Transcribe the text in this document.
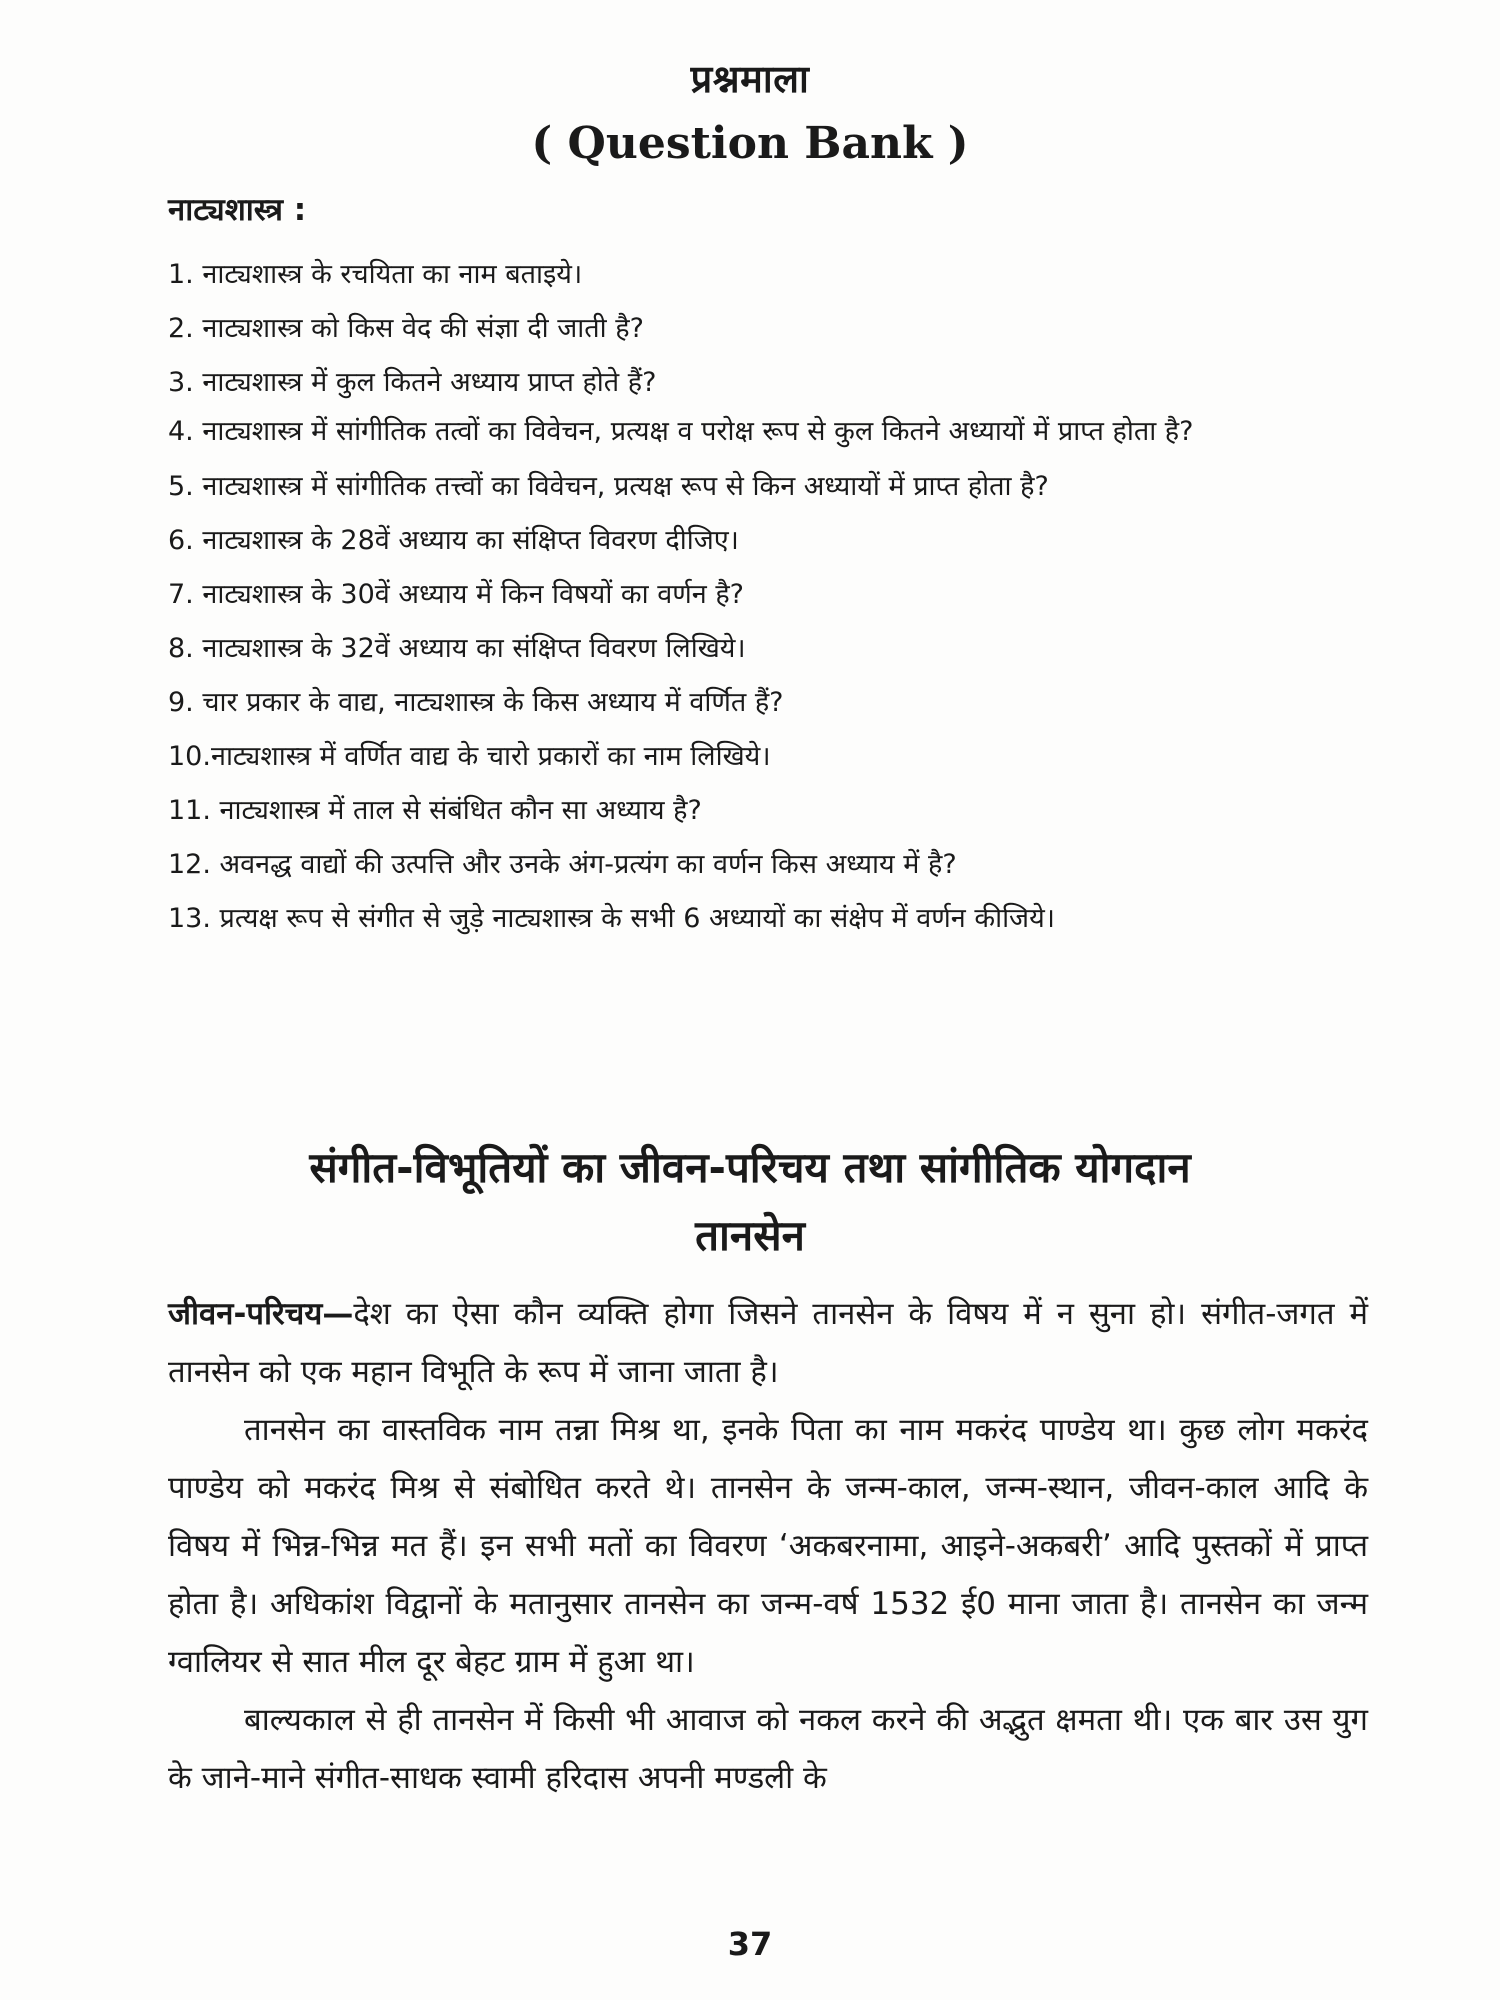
प्रश्नमाला
( Question Bank )
नाट्यशास्त्र :
1. नाट्यशास्त्र के रचयिता का नाम बताइये।
2. नाट्यशास्त्र को किस वेद की संज्ञा दी जाती है?
3. नाट्यशास्त्र में कुल कितने अध्याय प्राप्त होते हैं?
4. नाट्यशास्त्र में सांगीतिक तत्वों का विवेचन, प्रत्यक्ष व परोक्ष रूप से कुल कितने अध्यायों में प्राप्त होता है?
5. नाट्यशास्त्र में सांगीतिक तत्त्वों का विवेचन, प्रत्यक्ष रूप से किन अध्यायों में प्राप्त होता है?
6. नाट्यशास्त्र के 28वें अध्याय का संक्षिप्त विवरण दीजिए।
7. नाट्यशास्त्र के 30वें अध्याय में किन विषयों का वर्णन है?
8. नाट्यशास्त्र के 32वें अध्याय का संक्षिप्त विवरण लिखिये।
9. चार प्रकार के वाद्य, नाट्यशास्त्र के किस अध्याय में वर्णित हैं?
10.नाट्यशास्त्र में वर्णित वाद्य के चारो प्रकारों का नाम लिखिये।
11. नाट्यशास्त्र में ताल से संबंधित कौन सा अध्याय है?
12. अवनद्ध वाद्यों की उत्पत्ति और उनके अंग-प्रत्यंग का वर्णन किस अध्याय में है?
13. प्रत्यक्ष रूप से संगीत से जुड़े नाट्यशास्त्र के सभी 6 अध्यायों का संक्षेप में वर्णन कीजिये।
संगीत-विभूतियों का जीवन-परिचय तथा सांगीतिक योगदान
तानसेन

जीवन-परिचय—देश का ऐसा कौन व्यक्ति होगा जिसने तानसेन के विषय में न सुना हो। संगीत-जगत में तानसेन को एक महान विभूति के रूप में जाना जाता है।

तानसेन का वास्तविक नाम तन्ना मिश्र था, इनके पिता का नाम मकरंद पाण्डेय था। कुछ लोग मकरंद पाण्डेय को मकरंद मिश्र से संबोधित करते थे। तानसेन के जन्म-काल, जन्म-स्थान, जीवन-काल आदि के विषय में भिन्न-भिन्न मत हैं। इन सभी मतों का विवरण ‘अकबरनामा, आइने-अकबरी’ आदि पुस्तकों में प्राप्त होता है। अधिकांश विद्वानों के मतानुसार तानसेन का जन्म-वर्ष 1532 ई0 माना जाता है। तानसेन का जन्म ग्वालियर से सात मील दूर बेहट ग्राम में हुआ था।

बाल्यकाल से ही तानसेन में किसी भी आवाज को नकल करने की अद्भुत क्षमता थी। एक बार उस युग के जाने-माने संगीत-साधक स्वामी हरिदास अपनी मण्डली के

37
